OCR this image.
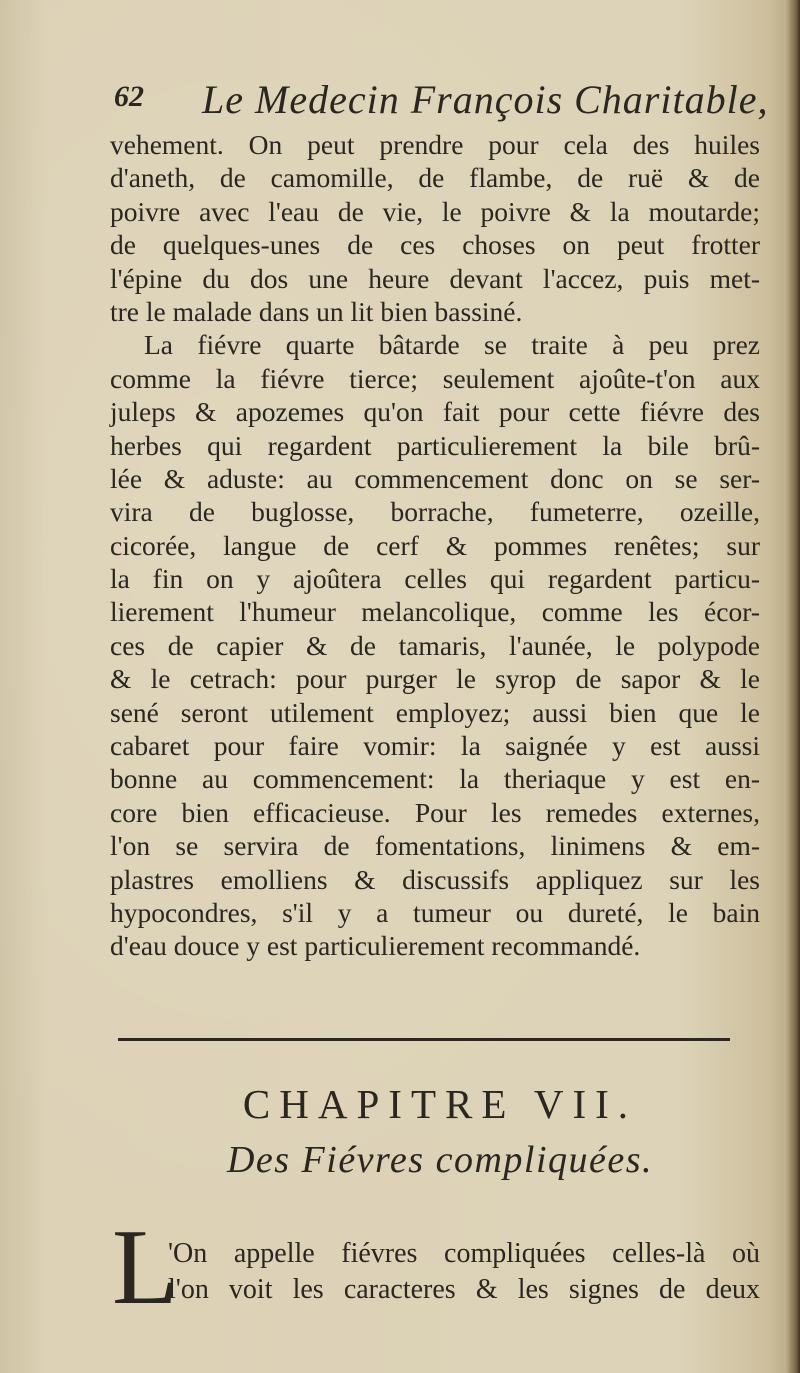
62 Le Medecin François Charitable,
vehement. On peut prendre pour cela des huiles
d'aneth, de camomille, de flambe, de ruë & de
poivre avec l'eau de vie, le poivre & la moutarde;
de quelques-unes de ces choses on peut frotter
l'épine du dos une heure devant l'accez, puis met-
tre le malade dans un lit bien bassiné.
La fiévre quarte bâtarde se traite à peu prez
comme la fiévre tierce; seulement ajoûte-t'on aux
juleps & apozemes qu'on fait pour cette fiévre des
herbes qui regardent particulierement la bile brû-
lée & aduste: au commencement donc on se ser-
vira de buglosse, borrache, fumeterre, ozeille,
cicorée, langue de cerf & pommes renêtes; sur
la fin on y ajoûtera celles qui regardent particu-
lierement l'humeur melancolique, comme les écor-
ces de capier & de tamaris, l'aunée, le polypode
& le cetrach: pour purger le syrop de sapor & le
sené seront utilement employez; aussi bien que le
cabaret pour faire vomir: la saignée y est aussi
bonne au commencement: la theriaque y est en-
core bien efficacieuse. Pour les remedes externes,
l'on se servira de fomentations, linimens & em-
plastres emolliens & discussifs appliquez sur les
hypocondres, s'il y a tumeur ou dureté, le bain
d'eau douce y est particulierement recommandé.
CHAPITRE VII.
Des Fiévres compliquées.
L
'On appelle fiévres compliquées celles-là où
l'on voit les caracteres & les signes de deux
